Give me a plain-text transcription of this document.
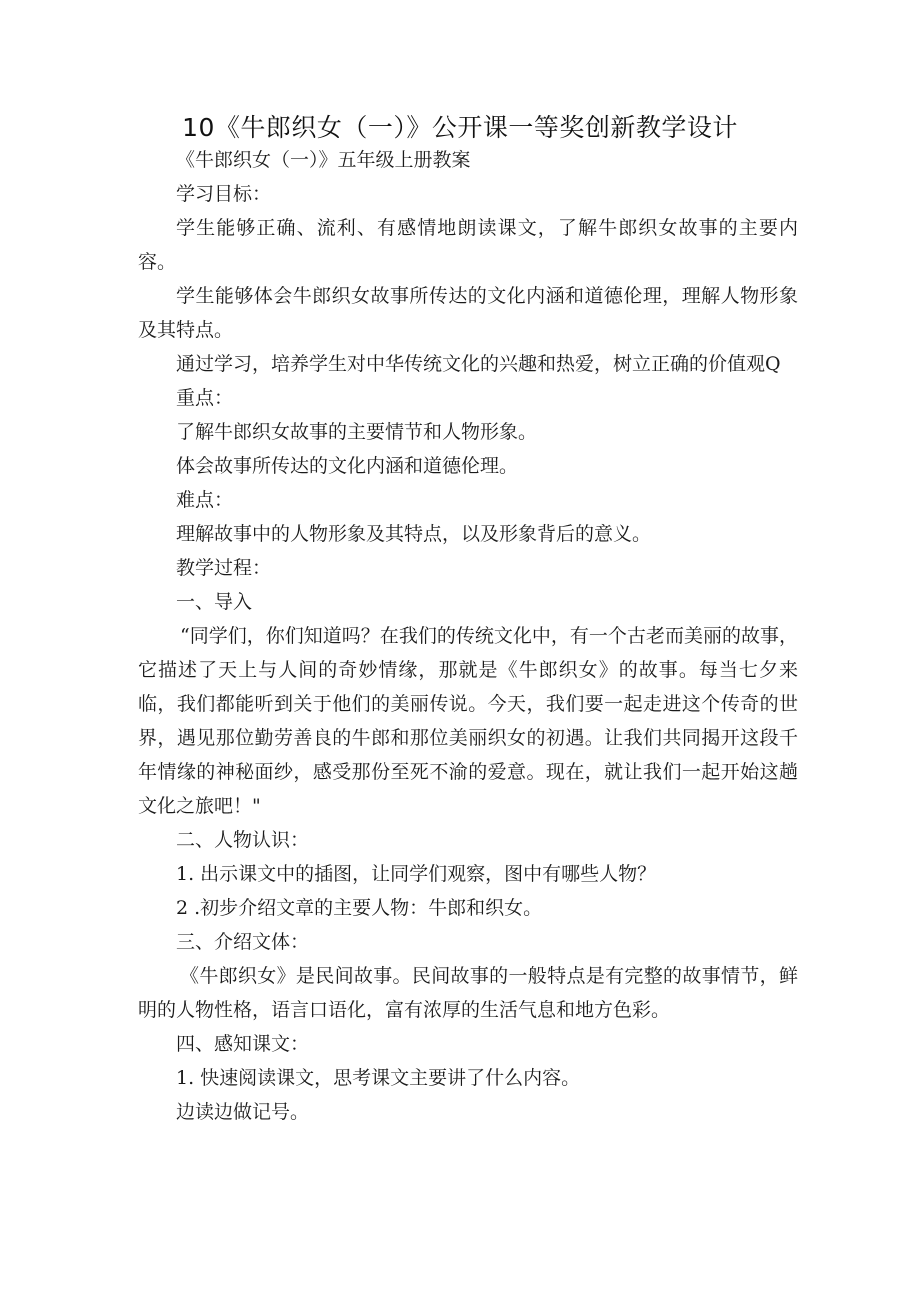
10《牛郎织女（一）》公开课一等奖创新教学设计

《牛郎织女（一）》五年级上册教案

学习目标：

学生能够正确、流利、有感情地朗读课文，了解牛郎织女故事的主要内容。

学生能够体会牛郎织女故事所传达的文化内涵和道德伦理，理解人物形象及其特点。

通过学习，培养学生对中华传统文化的兴趣和热爱，树立正确的价值观Q

重点：

了解牛郎织女故事的主要情节和人物形象。

体会故事所传达的文化内涵和道德伦理。

难点：

理解故事中的人物形象及其特点，以及形象背后的意义。

教学过程：

一、导入

“同学们，你们知道吗？在我们的传统文化中，有一个古老而美丽的故事，它描述了天上与人间的奇妙情缘，那就是《牛郎织女》的故事。每当七夕来临，我们都能听到关于他们的美丽传说。今天，我们要一起走进这个传奇的世界，遇见那位勤劳善良的牛郎和那位美丽织女的初遇。让我们共同揭开这段千年情缘的神秘面纱，感受那份至死不渝的爱意。现在，就让我们一起开始这趟文化之旅吧！"

二、人物认识：

1. 出示课文中的插图，让同学们观察，图中有哪些人物？

2 .初步介绍文章的主要人物：牛郎和织女。

三、介绍文体：

《牛郎织女》是民间故事。民间故事的一般特点是有完整的故事情节，鲜明的人物性格，语言口语化，富有浓厚的生活气息和地方色彩。

四、感知课文：

1. 快速阅读课文，思考课文主要讲了什么内容。

边读边做记号。
